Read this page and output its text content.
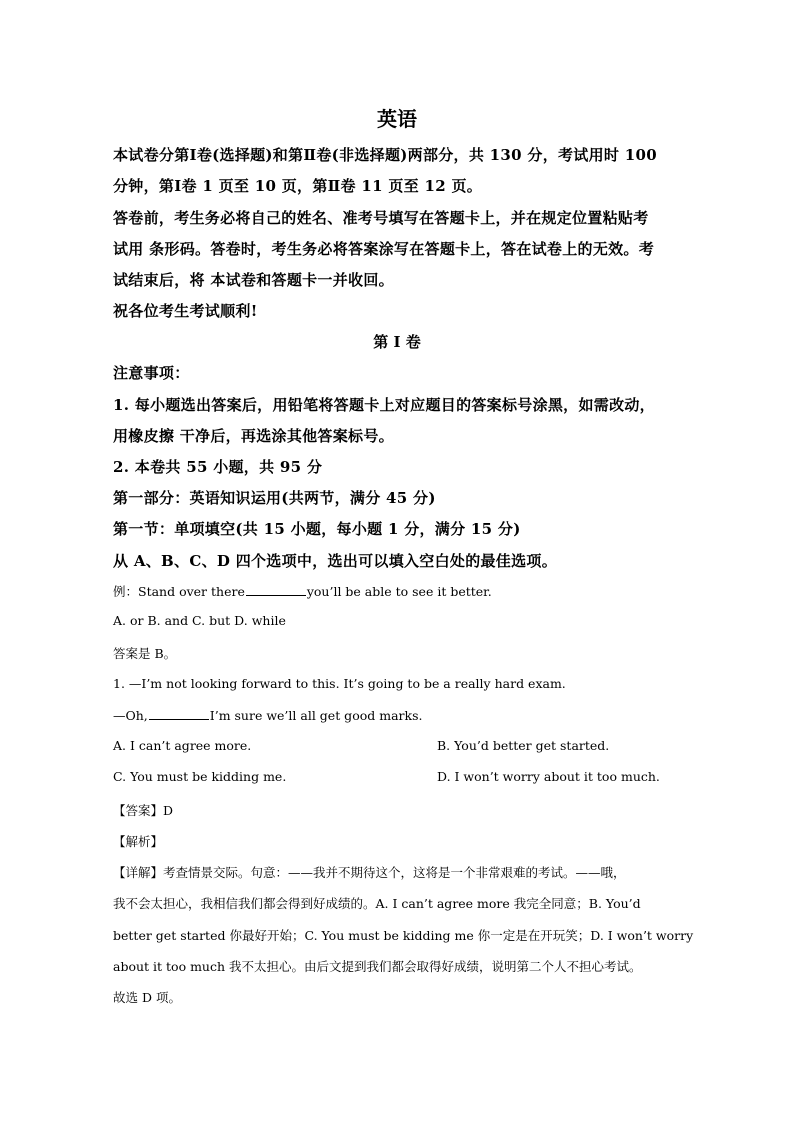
英语
本试卷分第Ⅰ卷(选择题)和第Ⅱ卷(非选择题)两部分，共 130 分，考试用时 100
分钟，第Ⅰ卷 1 页至 10 页，第Ⅱ卷 11 页至 12 页。
答卷前，考生务必将自己的姓名、准考号填写在答题卡上，并在规定位置粘贴考
试用 条形码。答卷时，考生务必将答案涂写在答题卡上，答在试卷上的无效。考
试结束后，将 本试卷和答题卡一并收回。
祝各位考生考试顺利!
第 I 卷
注意事项：
1. 每小题选出答案后，用铅笔将答题卡上对应题目的答案标号涂黑，如需改动，
用橡皮擦 干净后，再选涂其他答案标号。
2. 本卷共 55 小题，共 95 分
第一部分：英语知识运用(共两节，满分 45 分)
第一节：单项填空(共 15 小题，每小题 1 分，满分 15 分)
从 A、B、C、D 四个选项中，选出可以填入空白处的最佳选项。
例：Stand over there	you’ll be able to see it better.
A. or B. and C. but D. while
答案是 B。
1. —I’m not looking forward to this. It’s going to be a really hard exam.
—Oh,	I’m sure we’ll all get good marks.
A. I can’t agree more.	B. You’d better get started.
C. You must be kidding me.	D. I won’t worry about it too much.
【答案】D
【解析】
【详解】考查情景交际。句意：——我并不期待这个，这将是一个非常艰难的考试。——哦，
我不会太担心，我相信我们都会得到好成绩的。A. I can’t agree more 我完全同意；B. You’d
better get started 你最好开始；C. You must be kidding me 你一定是在开玩笑；D. I won’t worry
about it too much 我不太担心。由后文提到我们都会取得好成绩，说明第二个人不担心考试。
故选 D 项。
